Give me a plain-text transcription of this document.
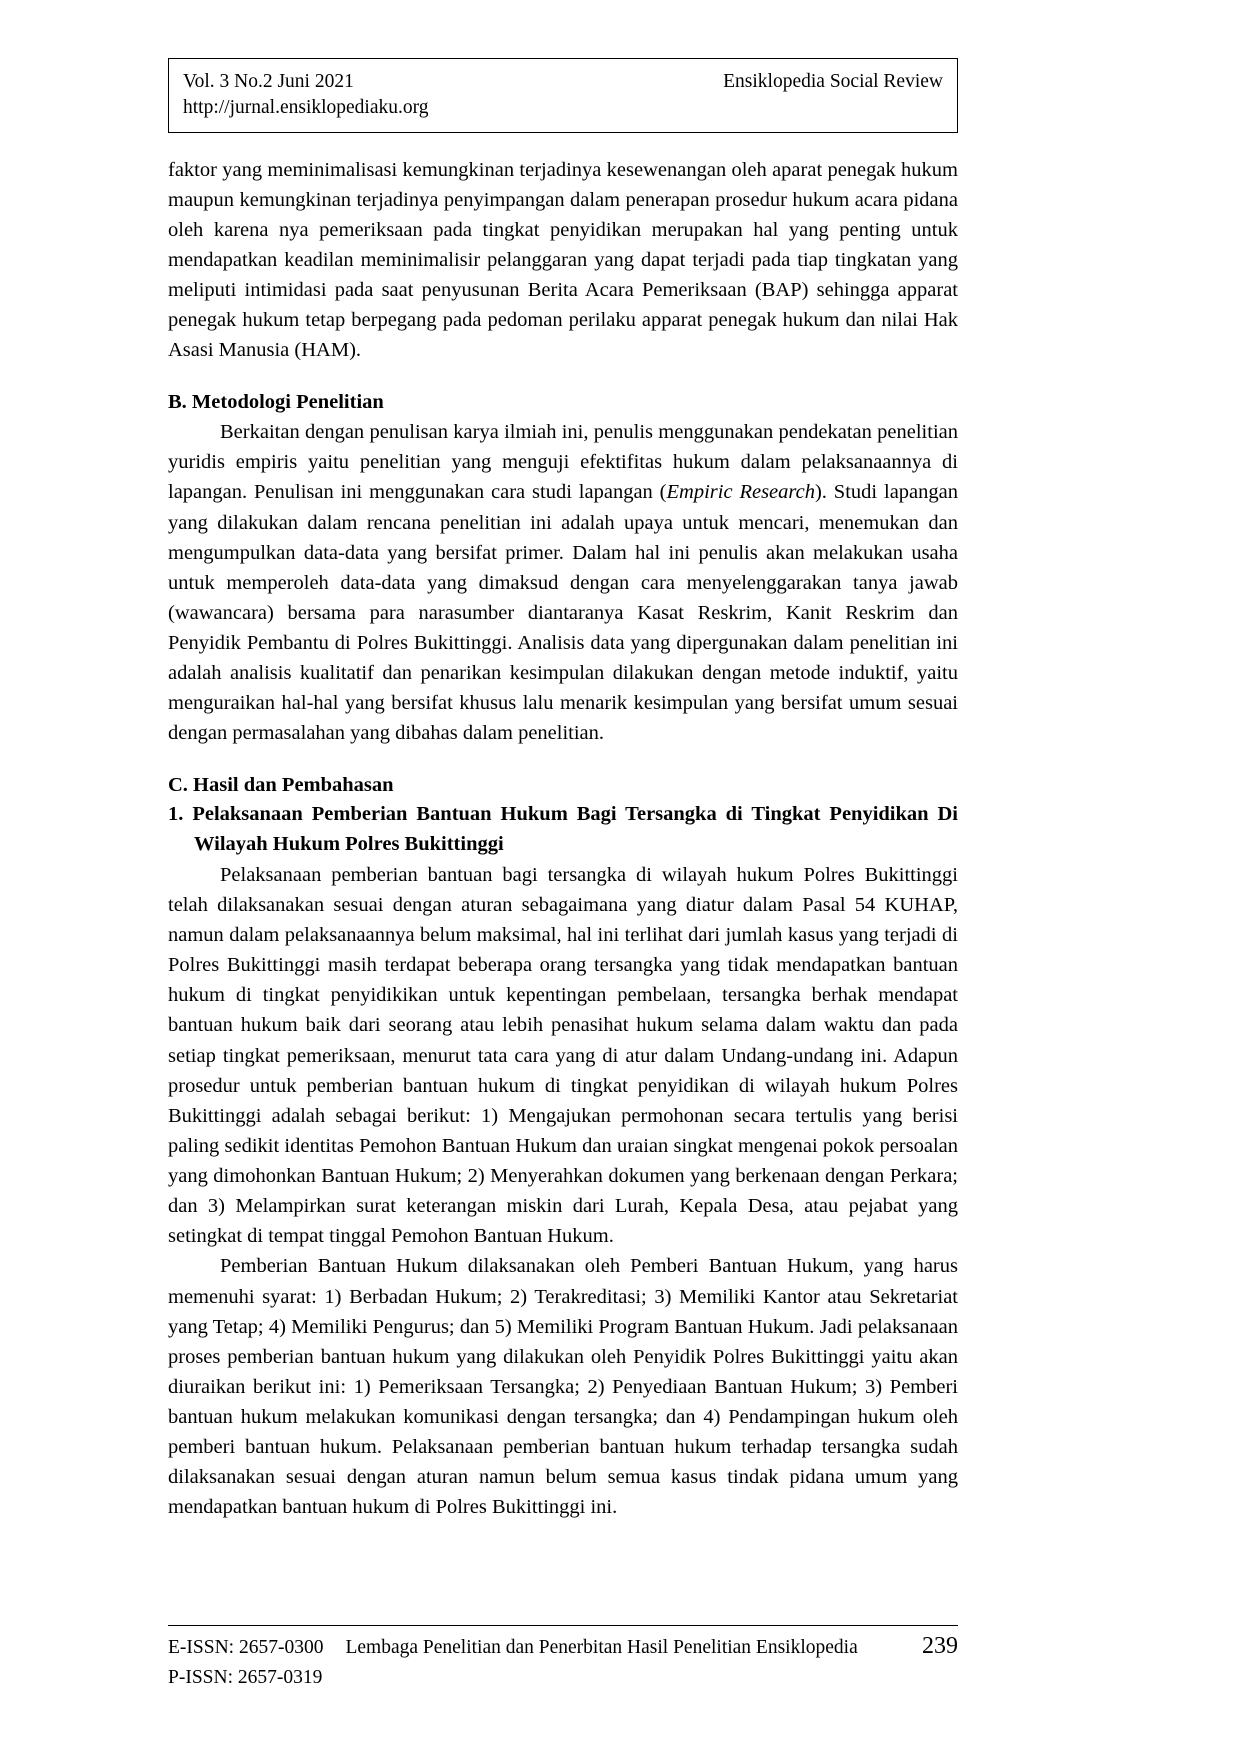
Vol. 3 No.2 Juni 2021	Ensiklopedia Social Review
http://jurnal.ensiklopediaku.org

faktor yang meminimalisasi kemungkinan terjadinya kesewenangan oleh aparat penegak hukum maupun kemungkinan terjadinya penyimpangan dalam penerapan prosedur hukum acara pidana oleh karena nya pemeriksaan pada tingkat penyidikan merupakan hal yang penting untuk mendapatkan keadilan meminimalisir pelanggaran yang dapat terjadi pada tiap tingkatan yang meliputi intimidasi pada saat penyusunan Berita Acara Pemeriksaan (BAP) sehingga apparat penegak hukum tetap berpegang pada pedoman perilaku apparat penegak hukum dan nilai Hak Asasi Manusia (HAM).

B. Metodologi Penelitian

Berkaitan dengan penulisan karya ilmiah ini, penulis menggunakan pendekatan penelitian yuridis empiris yaitu penelitian yang menguji efektifitas hukum dalam pelaksanaannya di lapangan. Penulisan ini menggunakan cara studi lapangan (Empiric Research). Studi lapangan yang dilakukan dalam rencana penelitian ini adalah upaya untuk mencari, menemukan dan mengumpulkan data-data yang bersifat primer. Dalam hal ini penulis akan melakukan usaha untuk memperoleh data-data yang dimaksud dengan cara menyelenggarakan tanya jawab (wawancara) bersama para narasumber diantaranya Kasat Reskrim, Kanit Reskrim dan Penyidik Pembantu di Polres Bukittinggi. Analisis data yang dipergunakan dalam penelitian ini adalah analisis kualitatif dan penarikan kesimpulan dilakukan dengan metode induktif, yaitu menguraikan hal-hal yang bersifat khusus lalu menarik kesimpulan yang bersifat umum sesuai dengan permasalahan yang dibahas dalam penelitian.

C. Hasil dan Pembahasan
1. Pelaksanaan Pemberian Bantuan Hukum Bagi Tersangka di Tingkat Penyidikan Di Wilayah Hukum Polres Bukittinggi

Pelaksanaan pemberian bantuan bagi tersangka di wilayah hukum Polres Bukittinggi telah dilaksanakan sesuai dengan aturan sebagaimana yang diatur dalam Pasal 54 KUHAP, namun dalam pelaksanaannya belum maksimal, hal ini terlihat dari jumlah kasus yang terjadi di Polres Bukittinggi masih terdapat beberapa orang tersangka yang tidak mendapatkan bantuan hukum di tingkat penyidikikan untuk kepentingan pembelaan, tersangka berhak mendapat bantuan hukum baik dari seorang atau lebih penasihat hukum selama dalam waktu dan pada setiap tingkat pemeriksaan, menurut tata cara yang di atur dalam Undang-undang ini. Adapun prosedur untuk pemberian bantuan hukum di tingkat penyidikan di wilayah hukum Polres Bukittinggi adalah sebagai berikut: 1) Mengajukan permohonan secara tertulis yang berisi paling sedikit identitas Pemohon Bantuan Hukum dan uraian singkat mengenai pokok persoalan yang dimohonkan Bantuan Hukum; 2) Menyerahkan dokumen yang berkenaan dengan Perkara; dan 3) Melampirkan surat keterangan miskin dari Lurah, Kepala Desa, atau pejabat yang setingkat di tempat tinggal Pemohon Bantuan Hukum.

Pemberian Bantuan Hukum dilaksanakan oleh Pemberi Bantuan Hukum, yang harus memenuhi syarat: 1) Berbadan Hukum; 2) Terakreditasi; 3) Memiliki Kantor atau Sekretariat yang Tetap; 4) Memiliki Pengurus; dan 5) Memiliki Program Bantuan Hukum. Jadi pelaksanaan proses pemberian bantuan hukum yang dilakukan oleh Penyidik Polres Bukittinggi yaitu akan diuraikan berikut ini: 1) Pemeriksaan Tersangka; 2) Penyediaan Bantuan Hukum; 3) Pemberi bantuan hukum melakukan komunikasi dengan tersangka; dan 4) Pendampingan hukum oleh pemberi bantuan hukum. Pelaksanaan pemberian bantuan hukum terhadap tersangka sudah dilaksanakan sesuai dengan aturan namun belum semua kasus tindak pidana umum yang mendapatkan bantuan hukum di Polres Bukittinggi ini.

E-ISSN: 2657-0300	Lembaga Penelitian dan Penerbitan Hasil Penelitian Ensiklopedia	239
P-ISSN: 2657-0319
